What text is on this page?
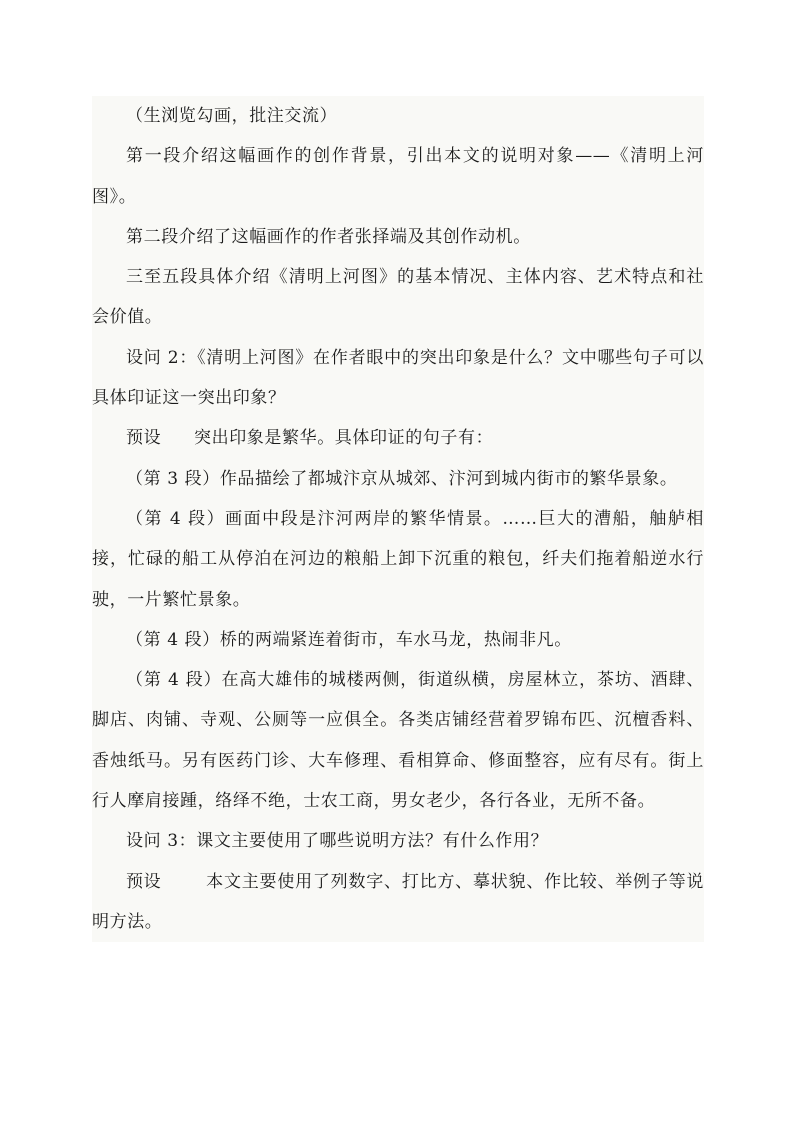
（生浏览勾画，批注交流）

第一段介绍这幅画作的创作背景，引出本文的说明对象——《清明上河图》。

第二段介绍了这幅画作的作者张择端及其创作动机。

三至五段具体介绍《清明上河图》的基本情况、主体内容、艺术特点和社会价值。

设问 2：《清明上河图》在作者眼中的突出印象是什么？文中哪些句子可以具体印证这一突出印象？

预设 突出印象是繁华。具体印证的句子有：

（第 3 段）作品描绘了都城汴京从城郊、汴河到城内街市的繁华景象。

（第 4 段）画面中段是汴河两岸的繁华情景。……巨大的漕船，舳舻相接，忙碌的船工从停泊在河边的粮船上卸下沉重的粮包，纤夫们拖着船逆水行驶，一片繁忙景象。

（第 4 段）桥的两端紧连着街市，车水马龙，热闹非凡。

（第 4 段）在高大雄伟的城楼两侧，街道纵横，房屋林立，茶坊、酒肆、脚店、肉铺、寺观、公厕等一应俱全。各类店铺经营着罗锦布匹、沉檀香料、香烛纸马。另有医药门诊、大车修理、看相算命、修面整容，应有尽有。街上行人摩肩接踵，络绎不绝，士农工商，男女老少，各行各业，无所不备。

设问 3：课文主要使用了哪些说明方法？有什么作用？

预设	本文主要使用了列数字、打比方、摹状貌、作比较、举例子等说明方法。
